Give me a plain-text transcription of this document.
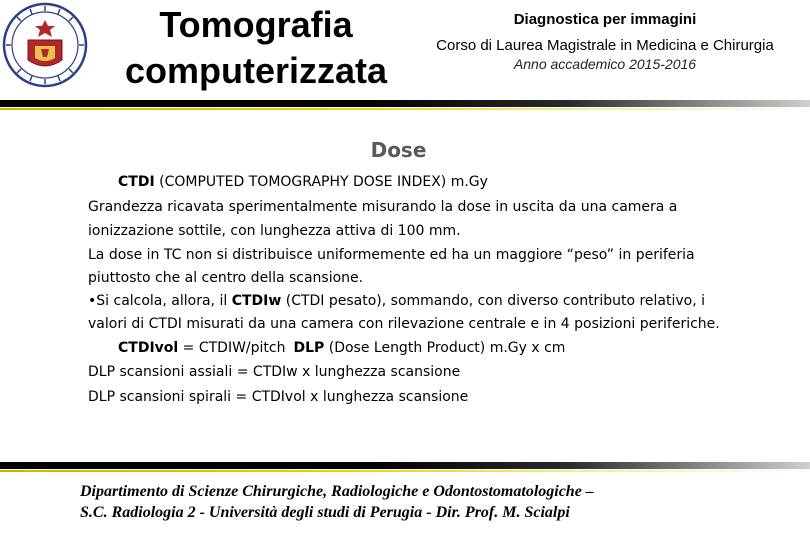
Tomografia
computerizzata
Diagnostica per immagini
Corso di Laurea Magistrale in Medicina e Chirurgia
Anno accademico 2015-2016
Dose

CTDI (COMPUTED TOMOGRAPHY DOSE INDEX) m.Gy

Grandezza ricavata sperimentalmente misurando la dose in uscita da una camera a ionizzazione sottile, con lunghezza attiva di 100 mm.

La dose in TC non si distribuisce uniformemente ed ha un maggiore “peso” in periferia piuttosto che al centro della scansione.

•Si calcola, allora, il CTDIw (CTDI pesato), sommando, con diverso contributo relativo, i valori di CTDI misurati da una camera con rilevazione centrale e in 4 posizioni periferiche.

CTDIvol = CTDIW/pitch DLP (Dose Length Product) m.Gy x cm

DLP scansioni assiali = CTDIw x lunghezza scansione

DLP scansioni spirali = CTDIvol x lunghezza scansione

Dipartimento di Scienze Chirurgiche, Radiologiche e Odontostomatologiche –
S.C. Radiologia 2 - Università degli studi di Perugia - Dir. Prof. M. Scialpi
